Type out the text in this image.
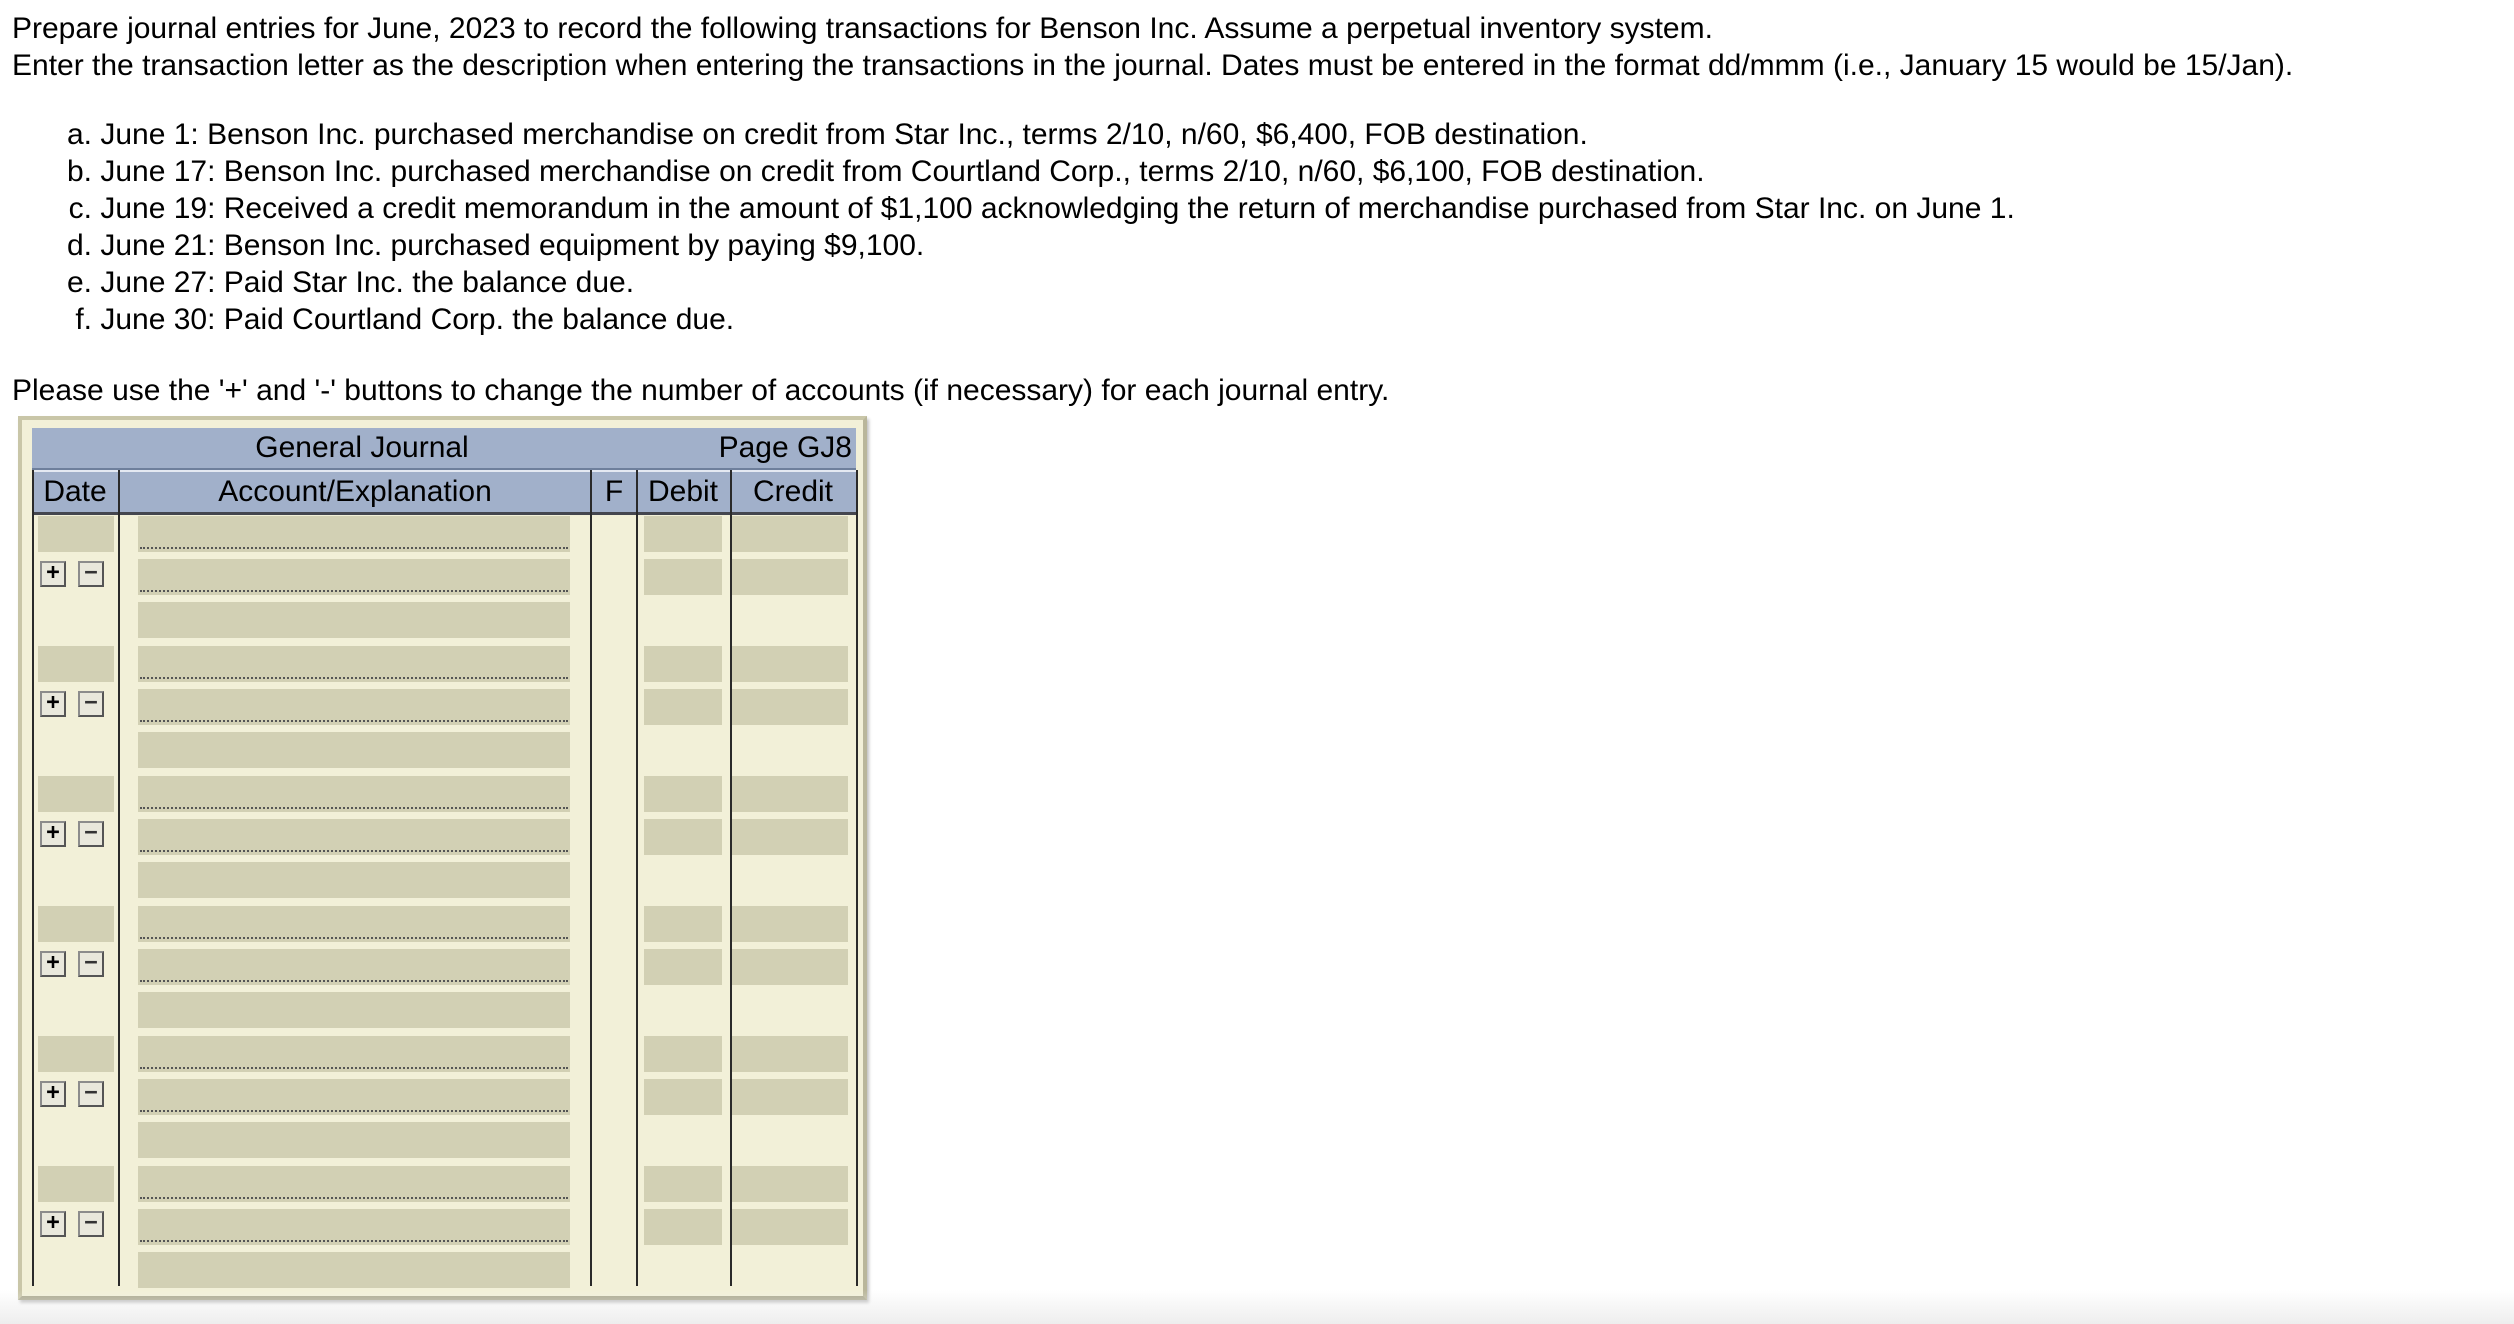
Prepare journal entries for June, 2023 to record the following transactions for Benson Inc. Assume a perpetual inventory system.
Enter the transaction letter as the description when entering the transactions in the journal. Dates must be entered in the format dd/mmm (i.e., January 15 would be 15/Jan).
a.
June 1: Benson Inc. purchased merchandise on credit from Star Inc., terms 2/10, n/60, $6,400, FOB destination.
b.
June 17: Benson Inc. purchased merchandise on credit from Courtland Corp., terms 2/10, n/60, $6,100, FOB destination.
c.
June 19: Received a credit memorandum in the amount of $1,100 acknowledging the return of merchandise purchased from Star Inc. on June 1.
d.
June 21: Benson Inc. purchased equipment by paying $9,100.
e.
June 27: Paid Star Inc. the balance due.
f.
June 30: Paid Courtland Corp. the balance due.
Please use the '+' and '-' buttons to change the number of accounts (if necessary) for each journal entry.
General Journal	Page GJ8
Date	Account/Explanation	F Debit	Credit
+ −
+ −
+ −
+ −
+ −
+ −
